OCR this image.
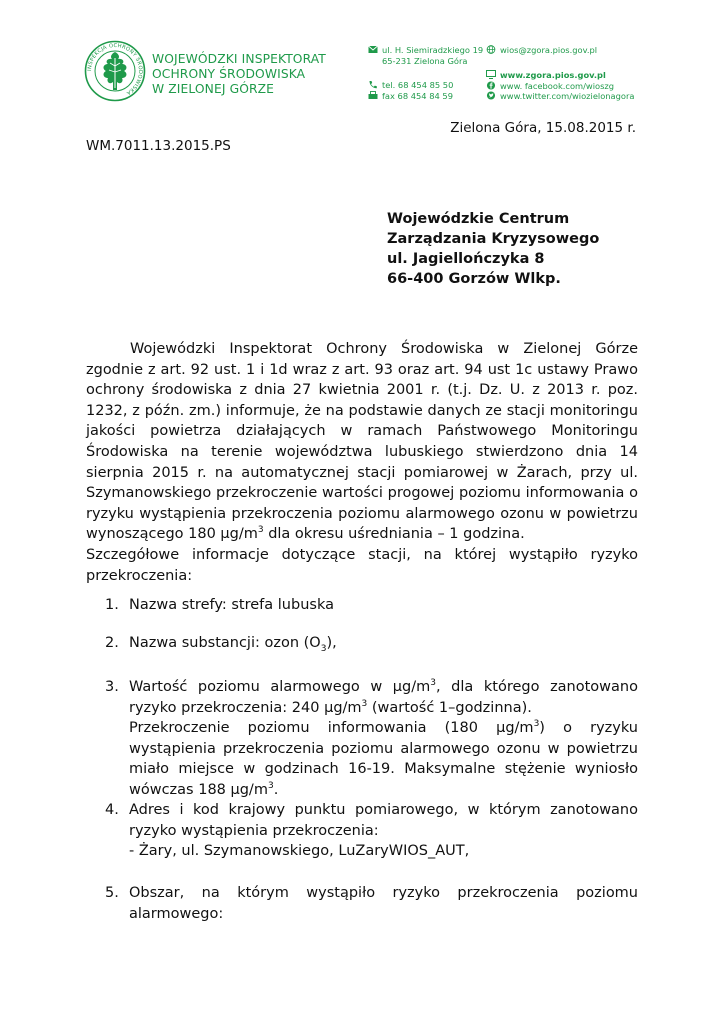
INSPEKCJA OCHRONY ŚRODOWISKA
WOJEWÓDZKI INSPEKTORAT
OCHRONY ŚRODOWISKA
W ZIELONEJ GÓRZE
ul. H. Siemiradzkiego 19
65-231 Zielona Góra
tel. 68 454 85 50
fax 68 454 84 59
wios@zgora.pios.gov.pl
www.zgora.pios.gov.pl
www. facebook.com/wioszg
www.twitter.com/wiozielonagora
Zielona Góra, 15.08.2015 r.
WM.7011.13.2015.PS
Wojewódzkie Centrum
Zarządzania Kryzysowego
ul. Jagiellończyka 8
66-400 Gorzów Wlkp.
Wojewódzki Inspektorat Ochrony Środowiska w Zielonej Górze zgodnie z art. 92 ust. 1 i 1d wraz z art. 93 oraz art. 94 ust 1c ustawy Prawo ochrony środowiska z dnia 27 kwietnia 2001 r. (t.j. Dz. U. z 2013 r. poz. 1232, z późn. zm.) informuje, że na podstawie danych ze stacji monitoringu jakości powietrza działających w ramach Państwowego Monitoringu Środowiska na terenie województwa lubuskiego stwierdzono dnia 14 sierpnia 2015 r. na automatycznej stacji pomiarowej w Żarach, przy ul. Szymanowskiego przekroczenie wartości progowej poziomu informowania o ryzyku wystąpienia przekroczenia poziomu alarmowego ozonu w powietrzu wynoszącego 180 $\mu g/m^3$ dla okresu uśredniania – 1 godzina.
Szczegółowe informacje dotyczące stacji, na której wystąpiło ryzyko przekroczenia:
1. Nazwa strefy: strefa lubuska
2. Nazwa substancji: ozon $(O_3)$,
3. Wartość poziomu alarmowego w $\mu g/m^3$, dla którego zanotowano ryzyko przekroczenia: 240 $\mu g/m^3$ (wartość 1–godzinna).
Przekroczenie poziomu informowania (180 $\mu g/m^3$) o ryzyku wystąpienia przekroczenia poziomu alarmowego ozonu w powietrzu miało miejsce w godzinach 16-19. Maksymalne stężenie wyniosło wówczas 188 $\mu g/m^3$.
4. Adres i kod krajowy punktu pomiarowego, w którym zanotowano ryzyko wystąpienia przekroczenia:
- Żary, ul. Szymanowskiego, LuZaryWIOS_AUT,
5. Obszar, na którym wystąpiło ryzyko przekroczenia poziomu alarmowego:
